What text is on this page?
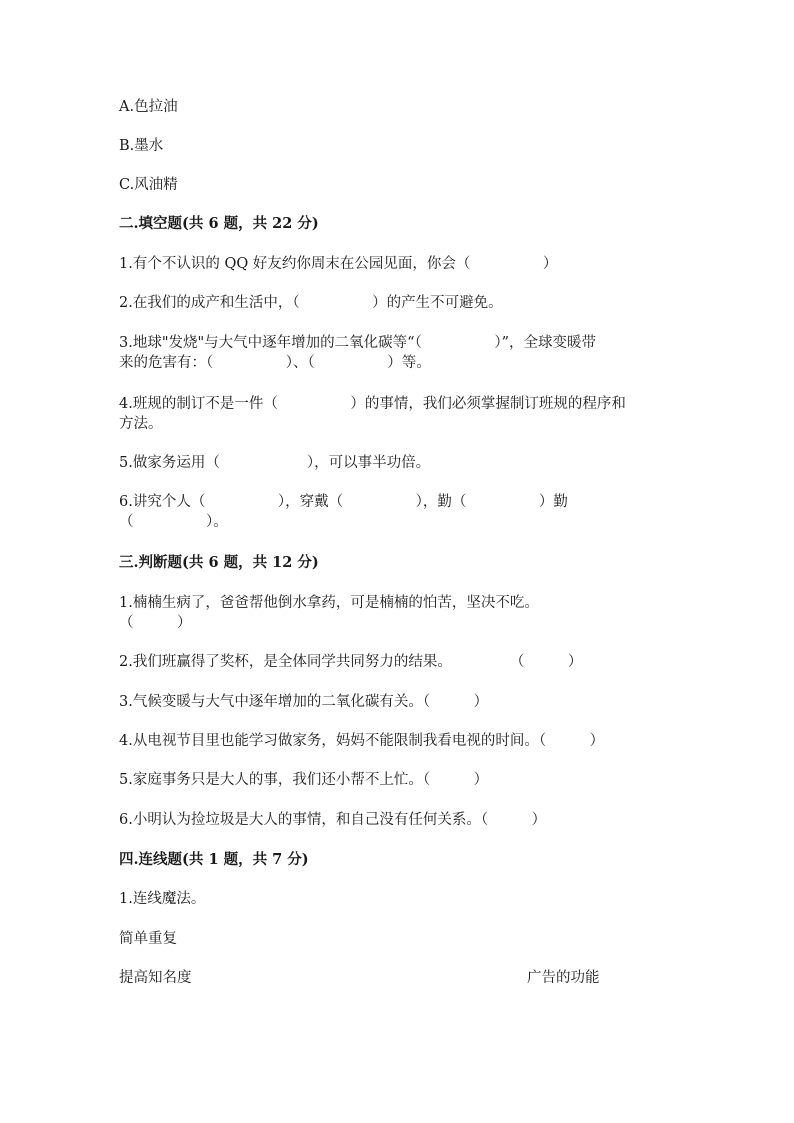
A.色拉油

B.墨水

C.风油精

二.填空题(共 6 题，共 22 分)

1.有个不认识的 QQ 好友约你周末在公园见面，你会（　　　　　）

2.在我们的成产和生活中，（　　　　　）的产生不可避免。

3.地球"发烧"与大气中逐年增加的二氧化碳等“（　　　　　）”，全球变暖带

来的危害有：（　　　　　）、（　　　　　）等。

4.班规的制订不是一件（　　　　　）的事情，我们必须掌握制订班规的程序和

方法。

5.做家务运用（　　　　　　），可以事半功倍。

6.讲究个人（　　　　　），穿戴（　　　　　），勤（　　　　　）勤

（　　　　　）。

三.判断题(共 6 题，共 12 分)

1.楠楠生病了，爸爸帮他倒水拿药，可是楠楠的怕苦，坚决不吃。

（　　　）

2.我们班赢得了奖杯，是全体同学共同努力的结果。　　　　　（　　　）

3.气候变暖与大气中逐年增加的二氧化碳有关。（　　　）

4.从电视节目里也能学习做家务，妈妈不能限制我看电视的时间。（　　　）

5.家庭事务只是大人的事，我们还小帮不上忙。（　　　）

6.小明认为捡垃圾是大人的事情，和自己没有任何关系。（　　　）

四.连线题(共 1 题，共 7 分)

1.连线魔法。

简单重复

提高知名度	广告的功能
